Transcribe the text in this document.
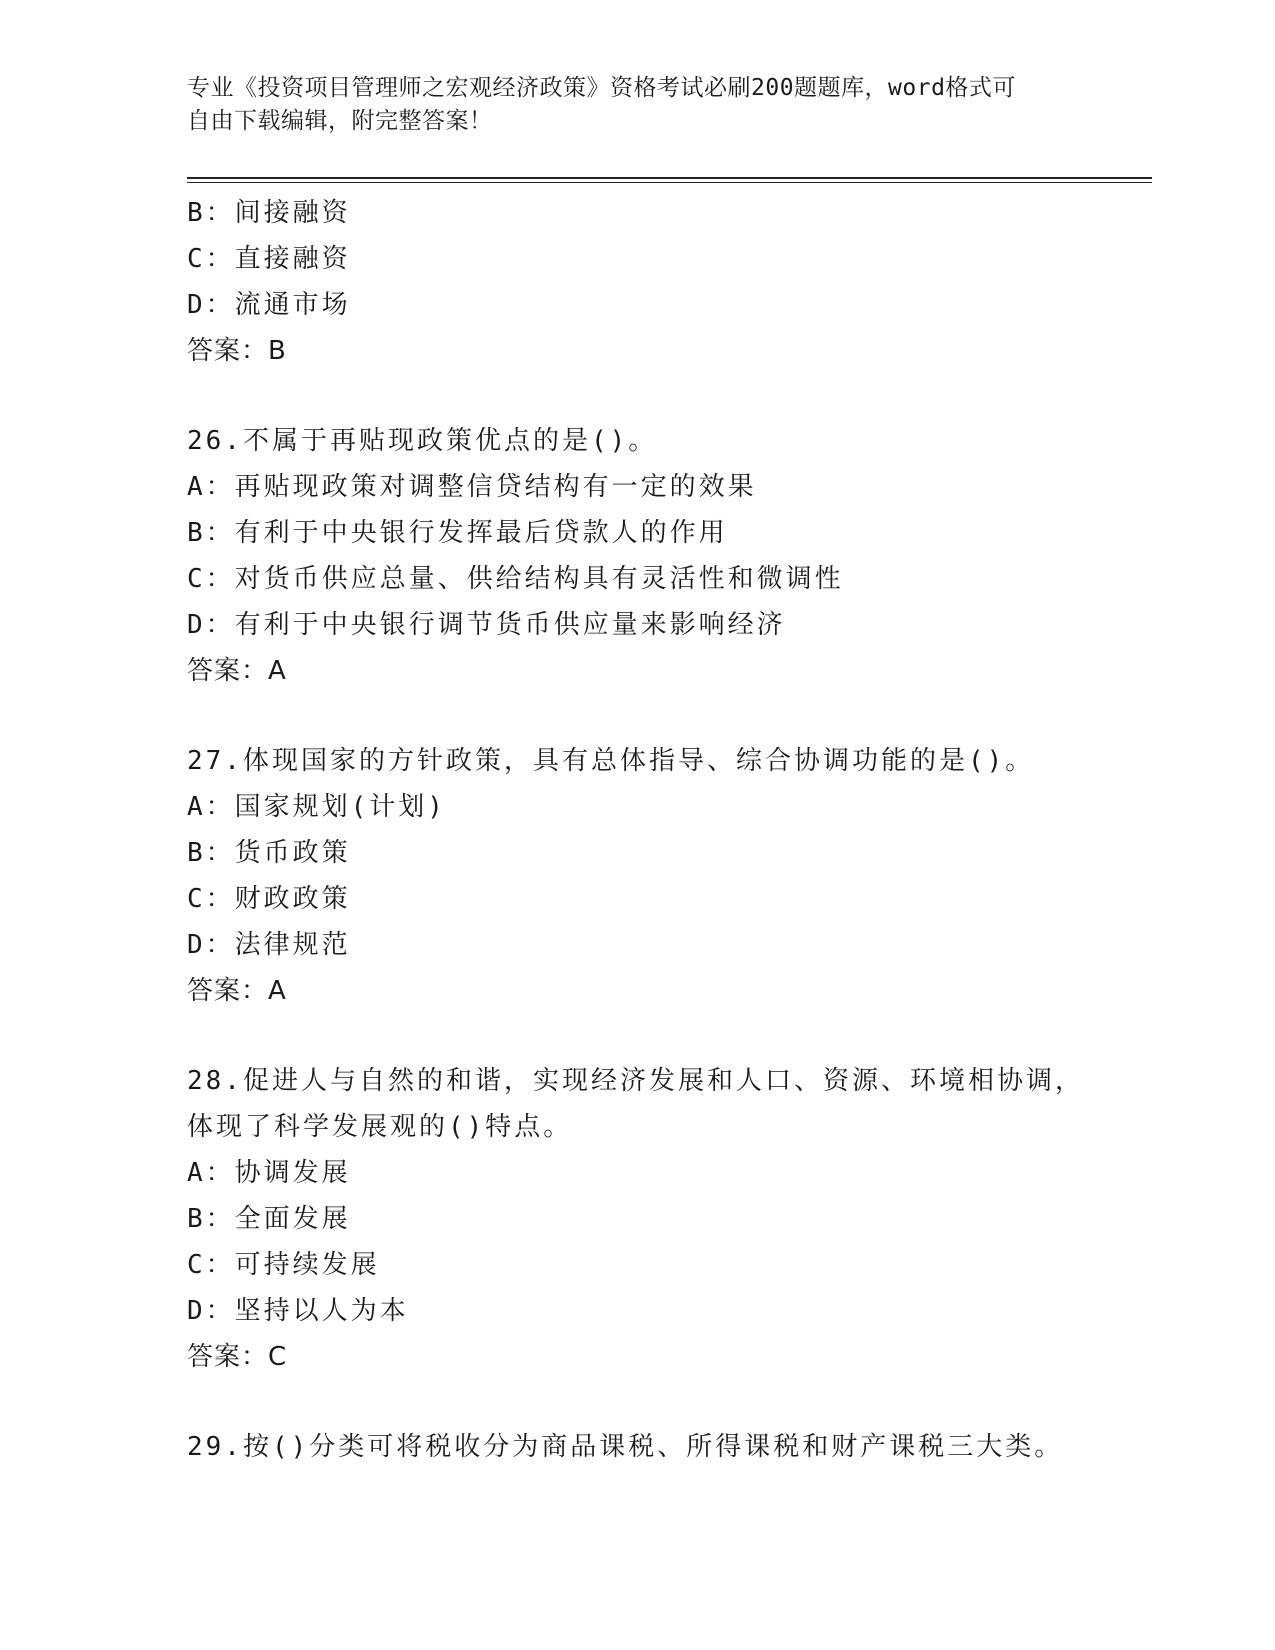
专业《投资项目管理师之宏观经济政策》资格考试必刷200题题库，word格式可
自由下载编辑，附完整答案！
B：间接融资
C：直接融资
D：流通市场
答案：B
26.不属于再贴现政策优点的是()。
A：再贴现政策对调整信贷结构有一定的效果
B：有利于中央银行发挥最后贷款人的作用
C：对货币供应总量、供给结构具有灵活性和微调性
D：有利于中央银行调节货币供应量来影响经济
答案：A
27.体现国家的方针政策，具有总体指导、综合协调功能的是()。
A：国家规划(计划)
B：货币政策
C：财政政策
D：法律规范
答案：A
28.促进人与自然的和谐，实现经济发展和人口、资源、环境相协调，
体现了科学发展观的()特点。
A：协调发展
B：全面发展
C：可持续发展
D：坚持以人为本
答案：C
29.按()分类可将税收分为商品课税、所得课税和财产课税三大类。
